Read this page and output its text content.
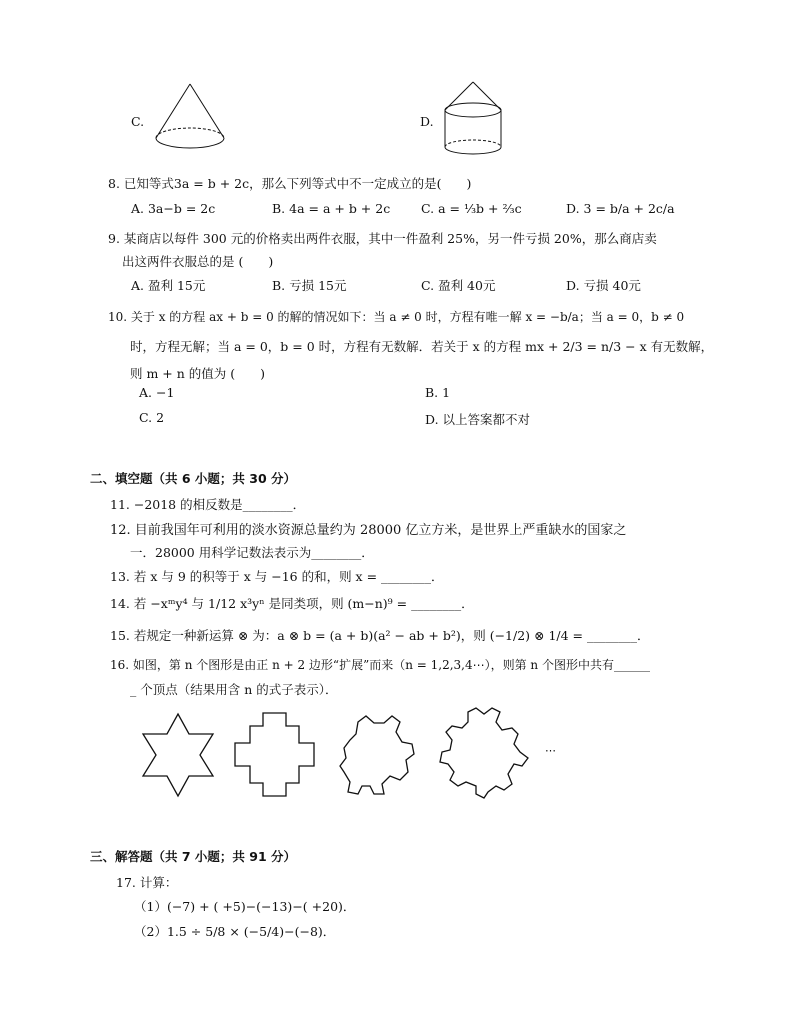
C.	D.
8. 已知等式3a = b + 2c，那么下列等式中不一定成立的是(　　)
A. 3a−b = 2c	B. 4a = a + b + 2c C. a = ⅓b + ⅔c	D. 3 = b/a + 2c/a
9. 某商店以每件 300 元的价格卖出两件衣服，其中一件盈利 25%，另一件亏损 20%，那么商店卖
出这两件衣服总的是 (　　)
A. 盈利 15元	B. 亏损 15元	C. 盈利 40元	D. 亏损 40元
10. 关于 x 的方程 ax + b = 0 的解的情况如下：当 a ≠ 0 时，方程有唯一解 x = −b/a；当 a = 0，b ≠ 0
时，方程无解；当 a = 0，b = 0 时，方程有无数解．若关于 x 的方程 mx + 2/3 = n/3 − x 有无数解，
则 m + n 的值为 (　　)
A. −1	B. 1
C. 2	D. 以上答案都不对
二、填空题（共 6 小题；共 30 分）
11. −2018 的相反数是________．
12. 目前我国年可利用的淡水资源总量约为 28000 亿立方米，是世界上严重缺水的国家之
一．28000 用科学记数法表示为________．
13. 若 x 与 9 的积等于 x 与 −16 的和，则 x = ________．
14. 若 −xᵐy⁴ 与 1/12 x³yⁿ 是同类项，则 (m−n)⁹ = ________．
15. 若规定一种新运算 ⊗ 为：a ⊗ b = (a + b)(a² − ab + b²)，则 (−1/2) ⊗ 1/4 = ________．
16. 如图，第 n 个图形是由正 n + 2 边形“扩展”而来（n = 1,2,3,4⋯），则第 n 个图形中共有______
_ 个顶点（结果用含 n 的式子表示）．
⋯
三、解答题（共 7 小题；共 91 分）
17. 计算：
（1）(−7) + ( +5)−(−13)−( +20)．
（2）1.5 ÷ 5/8 × (−5/4)−(−8)．
